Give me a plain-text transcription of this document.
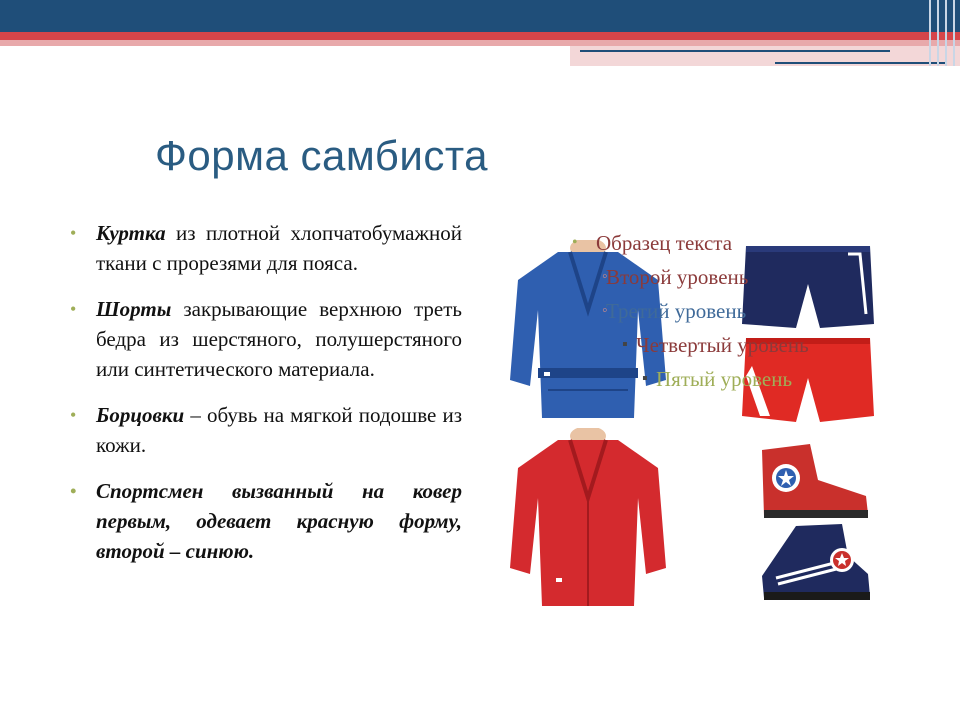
Форма самбиста
• Куртка из плотной хлопчатобумажной ткани с прорезями для пояса.
• Шорты закрывающие верхнюю треть бедра из шерстяного, полушерстяного или синтетического материала.
• Борцовки – обувь на мягкой подошве из кожи.
• Спортсмен вызванный на ковер первым, одевает красную форму, второй – синюю.
• Образец текста
◦
Второй уровень
◦
Третий уровень
▪ Четвертый уровень
▪ Пятый уровень
